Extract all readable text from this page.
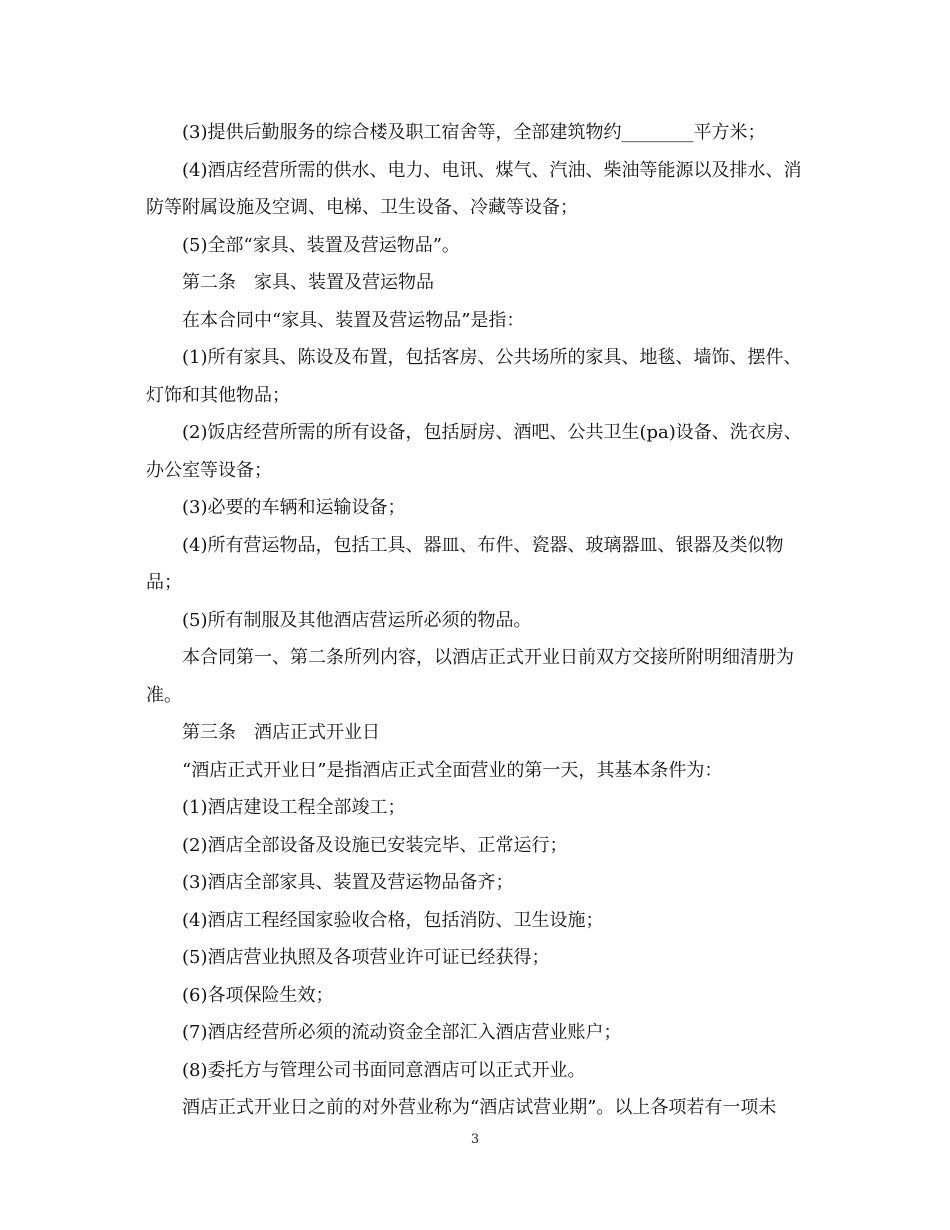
(3)提供后勤服务的综合楼及职工宿舍等，全部建筑物约________平方米；

(4)酒店经营所需的供水、电力、电讯、煤气、汽油、柴油等能源以及排水、消防等附属设施及空调、电梯、卫生设备、冷藏等设备；

(5)全部“家具、装置及营运物品”。

第二条　家具、装置及营运物品

在本合同中“家具、装置及营运物品”是指：

(1)所有家具、陈设及布置，包括客房、公共场所的家具、地毯、墙饰、摆件、灯饰和其他物品；

(2)饭店经营所需的所有设备，包括厨房、酒吧、公共卫生(pa)设备、洗衣房、办公室等设备；

(3)必要的车辆和运输设备；

(4)所有营运物品，包括工具、器皿、布件、瓷器、玻璃器皿、银器及类似物品；

(5)所有制服及其他酒店营运所必须的物品。

本合同第一、第二条所列内容，以酒店正式开业日前双方交接所附明细清册为准。

第三条　酒店正式开业日

“酒店正式开业日”是指酒店正式全面营业的第一天，其基本条件为：

(1)酒店建设工程全部竣工；

(2)酒店全部设备及设施已安装完毕、正常运行；

(3)酒店全部家具、装置及营运物品备齐；

(4)酒店工程经国家验收合格，包括消防、卫生设施；

(5)酒店营业执照及各项营业许可证已经获得；

(6)各项保险生效；

(7)酒店经营所必须的流动资金全部汇入酒店营业账户；

(8)委托方与管理公司书面同意酒店可以正式开业。

酒店正式开业日之前的对外营业称为“酒店试营业期”。以上各项若有一项未

3
